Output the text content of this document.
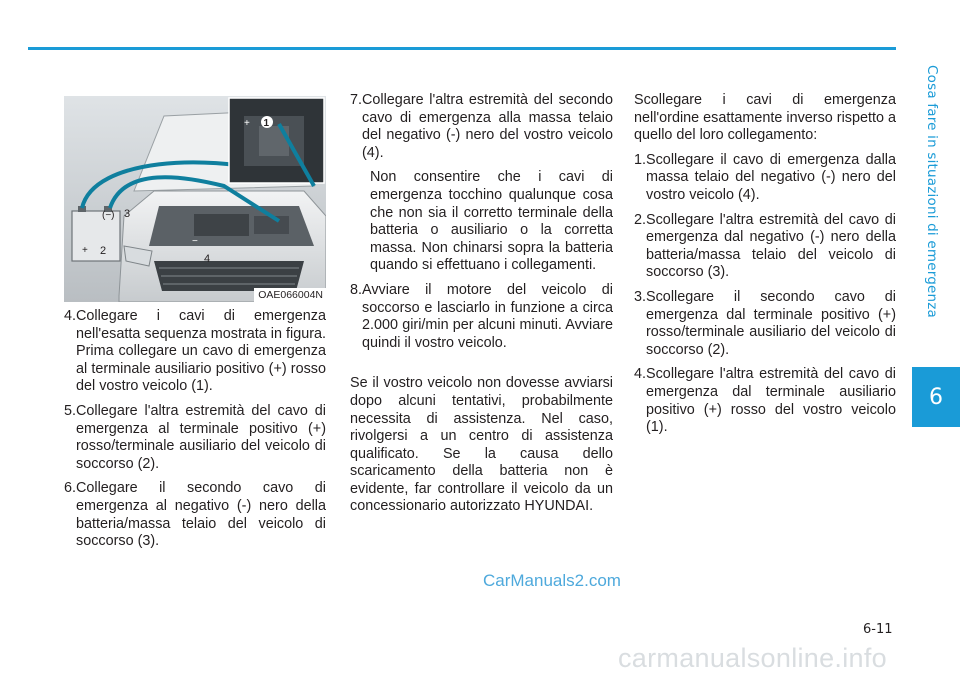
Cosa fare in situazioni di emergenza
6
+ 1
(−) 3
+ 2
−
4
OAE066004N
4. Collegare i cavi di emergenza nell'esatta sequenza mostrata in figura. Prima collegare un cavo di emergenza al terminale ausiliario positivo (+) rosso del vostro veicolo (1).
5. Collegare l'altra estremità del cavo di emergenza al terminale positivo (+) rosso/terminale ausiliario del veicolo di soccorso (2).
6. Collegare il secondo cavo di emergenza al negativo (-) nero della batteria/massa telaio del veicolo di soccorso (3).
7. Collegare l'altra estremità del secondo cavo di emergenza alla massa telaio del negativo (-) nero del vostro veicolo (4).
Non consentire che i cavi di emergenza tocchino qualunque cosa che non sia il corretto terminale della batteria o ausiliario o la corretta massa. Non chinarsi sopra la batteria quando si effettuano i collegamenti.
8. Avviare il motore del veicolo di soccorso e lasciarlo in funzione a circa 2.000 giri/min per alcuni minuti. Avviare quindi il vostro veicolo.

Se il vostro veicolo non dovesse avviarsi dopo alcuni tentativi, probabilmente necessita di assistenza. Nel caso, rivolgersi a un centro di assistenza qualificato. Se la causa dello scaricamento della batteria non è evidente, far controllare il veicolo da un concessionario autorizzato HYUNDAI.

Scollegare i cavi di emergenza nell'ordine esattamente inverso rispetto a quello del loro collegamento:

1. Scollegare il cavo di emergenza dalla massa telaio del negativo (-) nero del vostro veicolo (4).
2. Scollegare l'altra estremità del cavo di emergenza dal negativo (-) nero della batteria/massa telaio del veicolo di soccorso (3).
3. Scollegare il secondo cavo di emergenza dal terminale positivo (+) rosso/terminale ausiliario del veicolo di soccorso (2).
4. Scollegare l'altra estremità del cavo di emergenza dal terminale ausiliario positivo (+) rosso del vostro veicolo (1).
CarManuals2.com
6-11
carmanualsonline.info
